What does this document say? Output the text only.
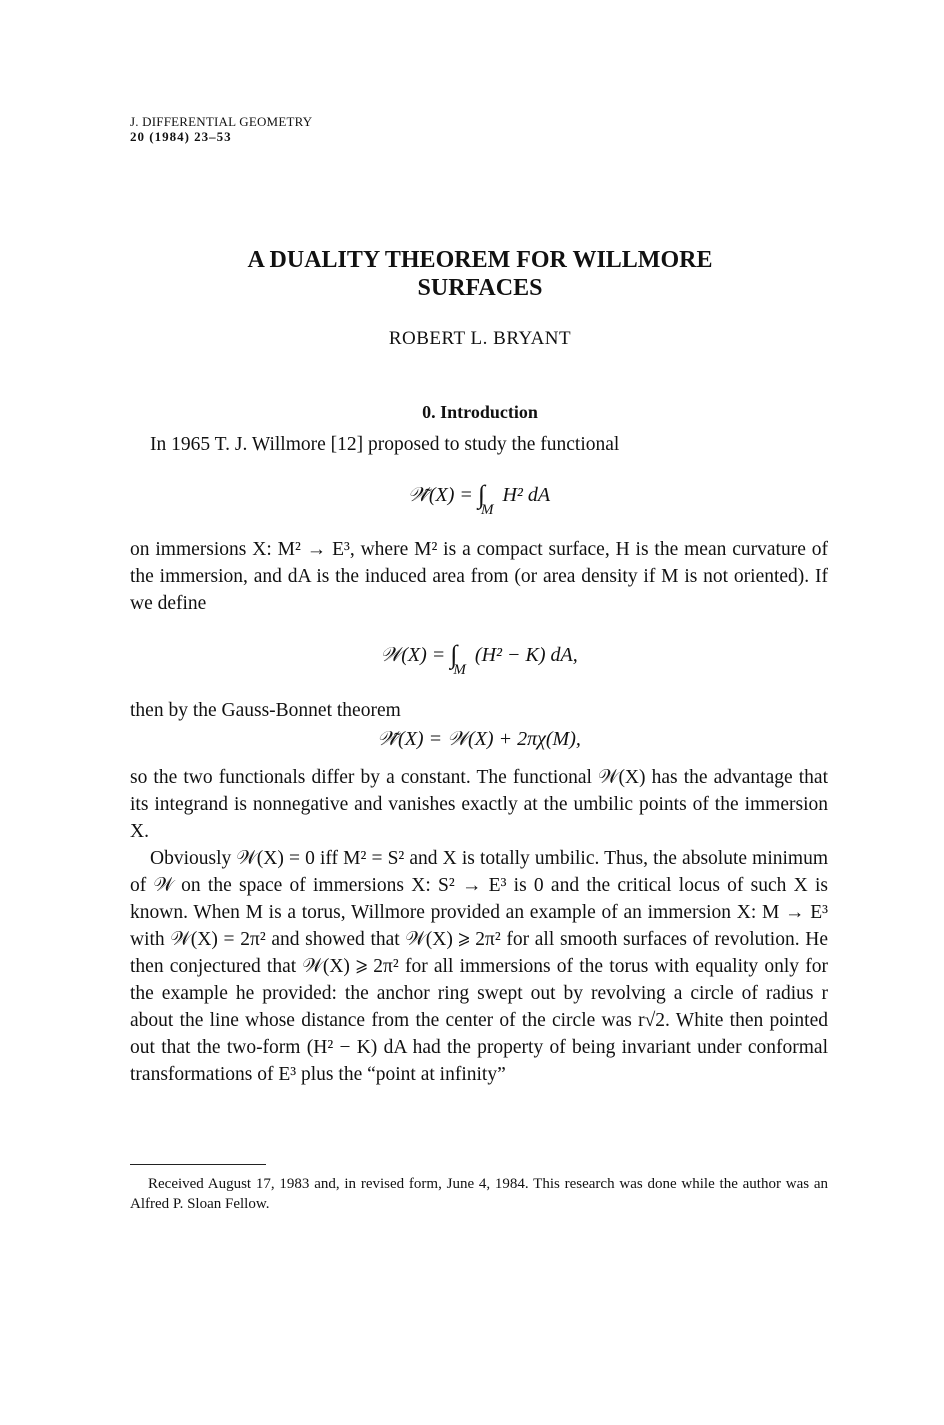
J. DIFFERENTIAL GEOMETRY
20 (1984) 23–53
A DUALITY THEOREM FOR WILLMORE
SURFACES
ROBERT L. BRYANT
0. Introduction
In 1965 T. J. Willmore [12] proposed to study the functional
𝒲̃(X) = $\int_M$ H² dA
on immersions X: M² → E³, where M² is a compact surface, H is the mean curvature of the immersion, and dA is the induced area from (or area density if M is not oriented). If we define
𝒲(X) = $\int_M$ (H² − K) dA,
then by the Gauss-Bonnet theorem
𝒲̃(X) = 𝒲(X) + 2πχ(M),
so the two functionals differ by a constant. The functional 𝒲(X) has the advantage that its integrand is nonnegative and vanishes exactly at the umbilic points of the immersion X.
Obviously 𝒲(X) = 0 iff M² = S² and X is totally umbilic. Thus, the absolute minimum of 𝒲 on the space of immersions X: S² → E³ is 0 and the critical locus of such X is known. When M is a torus, Willmore provided an example of an immersion X: M → E³ with 𝒲(X) = 2π² and showed that 𝒲(X) ⩾ 2π² for all smooth surfaces of revolution. He then conjectured that 𝒲(X) ⩾ 2π² for all immersions of the torus with equality only for the example he provided: the anchor ring swept out by revolving a circle of radius r about the line whose distance from the center of the circle was r√2. White then pointed out that the two-form (H² − K) dA had the property of being invariant under conformal transformations of E³ plus the “point at infinity”
Received August 17, 1983 and, in revised form, June 4, 1984. This research was done while the author was an Alfred P. Sloan Fellow.
